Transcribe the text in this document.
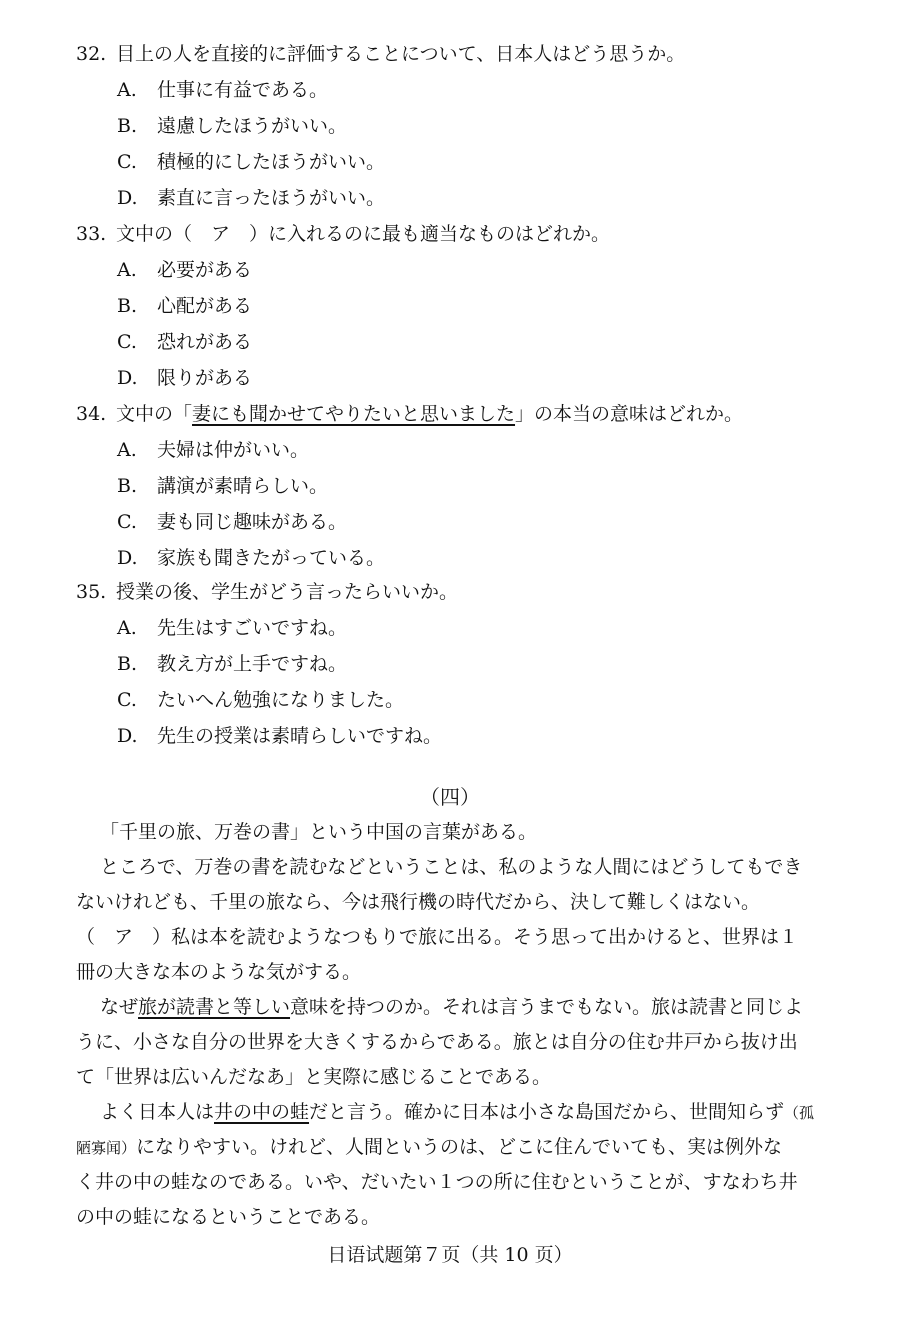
32. 目上の人を直接的に評価することについて、日本人はどう思うか。
A. 仕事に有益である。
B. 遠慮したほうがいい。
C. 積極的にしたほうがいい。
D. 素直に言ったほうがいい。
33. 文中の（　ア　）に入れるのに最も適当なものはどれか。
A. 必要がある
B. 心配がある
C. 恐れがある
D. 限りがある
34. 文中の「妻にも聞かせてやりたいと思いました」の本当の意味はどれか。
A. 夫婦は仲がいい。
B. 講演が素晴らしい。
C. 妻も同じ趣味がある。
D. 家族も聞きたがっている。
35. 授業の後、学生がどう言ったらいいか。
A. 先生はすごいですね。
B. 教え方が上手ですね。
C. たいへん勉強になりました。
D. 先生の授業は素晴らしいですね。
（四）
「千里の旅、万巻の書」という中国の言葉がある。
ところで、万巻の書を読むなどということは、私のような人間にはどうしてもでき
ないけれども、千里の旅なら、今は飛行機の時代だから、決して難しくはない。
（　ア　）私は本を読むようなつもりで旅に出る。そう思って出かけると、世界は１
冊の大きな本のような気がする。
なぜ旅が読書と等しい意味を持つのか。それは言うまでもない。旅は読書と同じよ
うに、小さな自分の世界を大きくするからである。旅とは自分の住む井戸から抜け出
て「世界は広いんだなあ」と実際に感じることである。
よく日本人は井の中の蛙だと言う。確かに日本は小さな島国だから、世間知らず（孤
陋寡闻）になりやすい。けれど、人間というのは、どこに住んでいても、実は例外な
く井の中の蛙なのである。いや、だいたい１つの所に住むということが、すなわち井
の中の蛙になるということである。
日语试题第７页（共 10 页）
